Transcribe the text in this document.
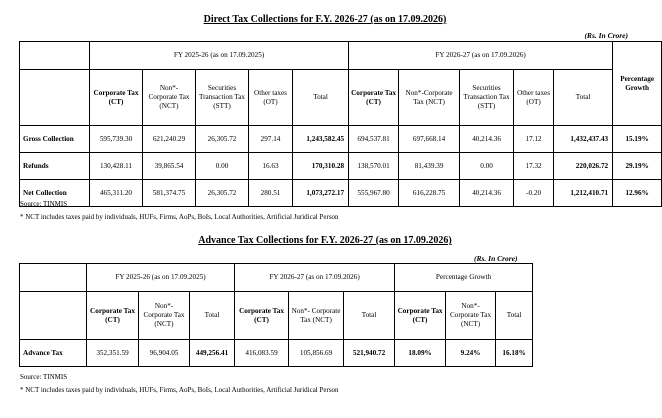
Direct Tax Collections for F.Y. 2026-27 (as on 17.09.2026)
(Rs. In Crore)
	FY 2025-26 (as on 17.09.2025)					FY 2026-27 (as on 17.09.2026)					Percentage Growth
	Corporate Tax (CT)	Non*- Corporate Tax (NCT)	Securities Transaction Tax (STT)	Other taxes (OT)	Total	Corporate Tax (CT)	Non*-Corporate Tax (NCT)	Securities Transaction Tax (STT)	Other taxes (OT)	Total	
Gross Collection	595,739.30	621,240.29	26,305.72	297.14	1,243,582.45	694,537.81	697,668.14	40,214.36	17.12	1,432,437.43	15.19%
Refunds	130,428.11	39,865.54	0.00	16.63	170,310.28	138,570.01	81,439.39	0.00	17.32	220,026.72	29.19%
Net Collection	465,311.20	581,374.75	26,305.72	280.51	1,073,272.17	555,967.80	616,228.75	40,214.36	-0.20	1,212,410.71	12.96%
Source: TINMIS
* NCT includes taxes paid by individuals, HUFs, Firms, AoPs, BoIs, Local Authorities, Artificial Juridical Person
Advance Tax Collections for F.Y. 2026-27 (as on 17.09.2026)
(Rs. In Crore)
	FY 2025-26 (as on 17.09.2025)			FY 2026-27 (as on 17.09.2026)			Percentage Growth		
	Corporate Tax (CT)	Non*- Corporate Tax (NCT)	Total	Corporate Tax (CT)	Non*- Corporate Tax (NCT)	Total	Corporate Tax (CT)	Non*- Corporate Tax (NCT)	Total
Advance Tax	352,351.59	96,904.05	449,256.41	416,083.59	105,856.69	521,940.72	18.09%	9.24%	16.18%
Source: TINMIS
* NCT includes taxes paid by individuals, HUFs, Firms, AoPs, BoIs, Local Authorities, Artificial Juridical Person
